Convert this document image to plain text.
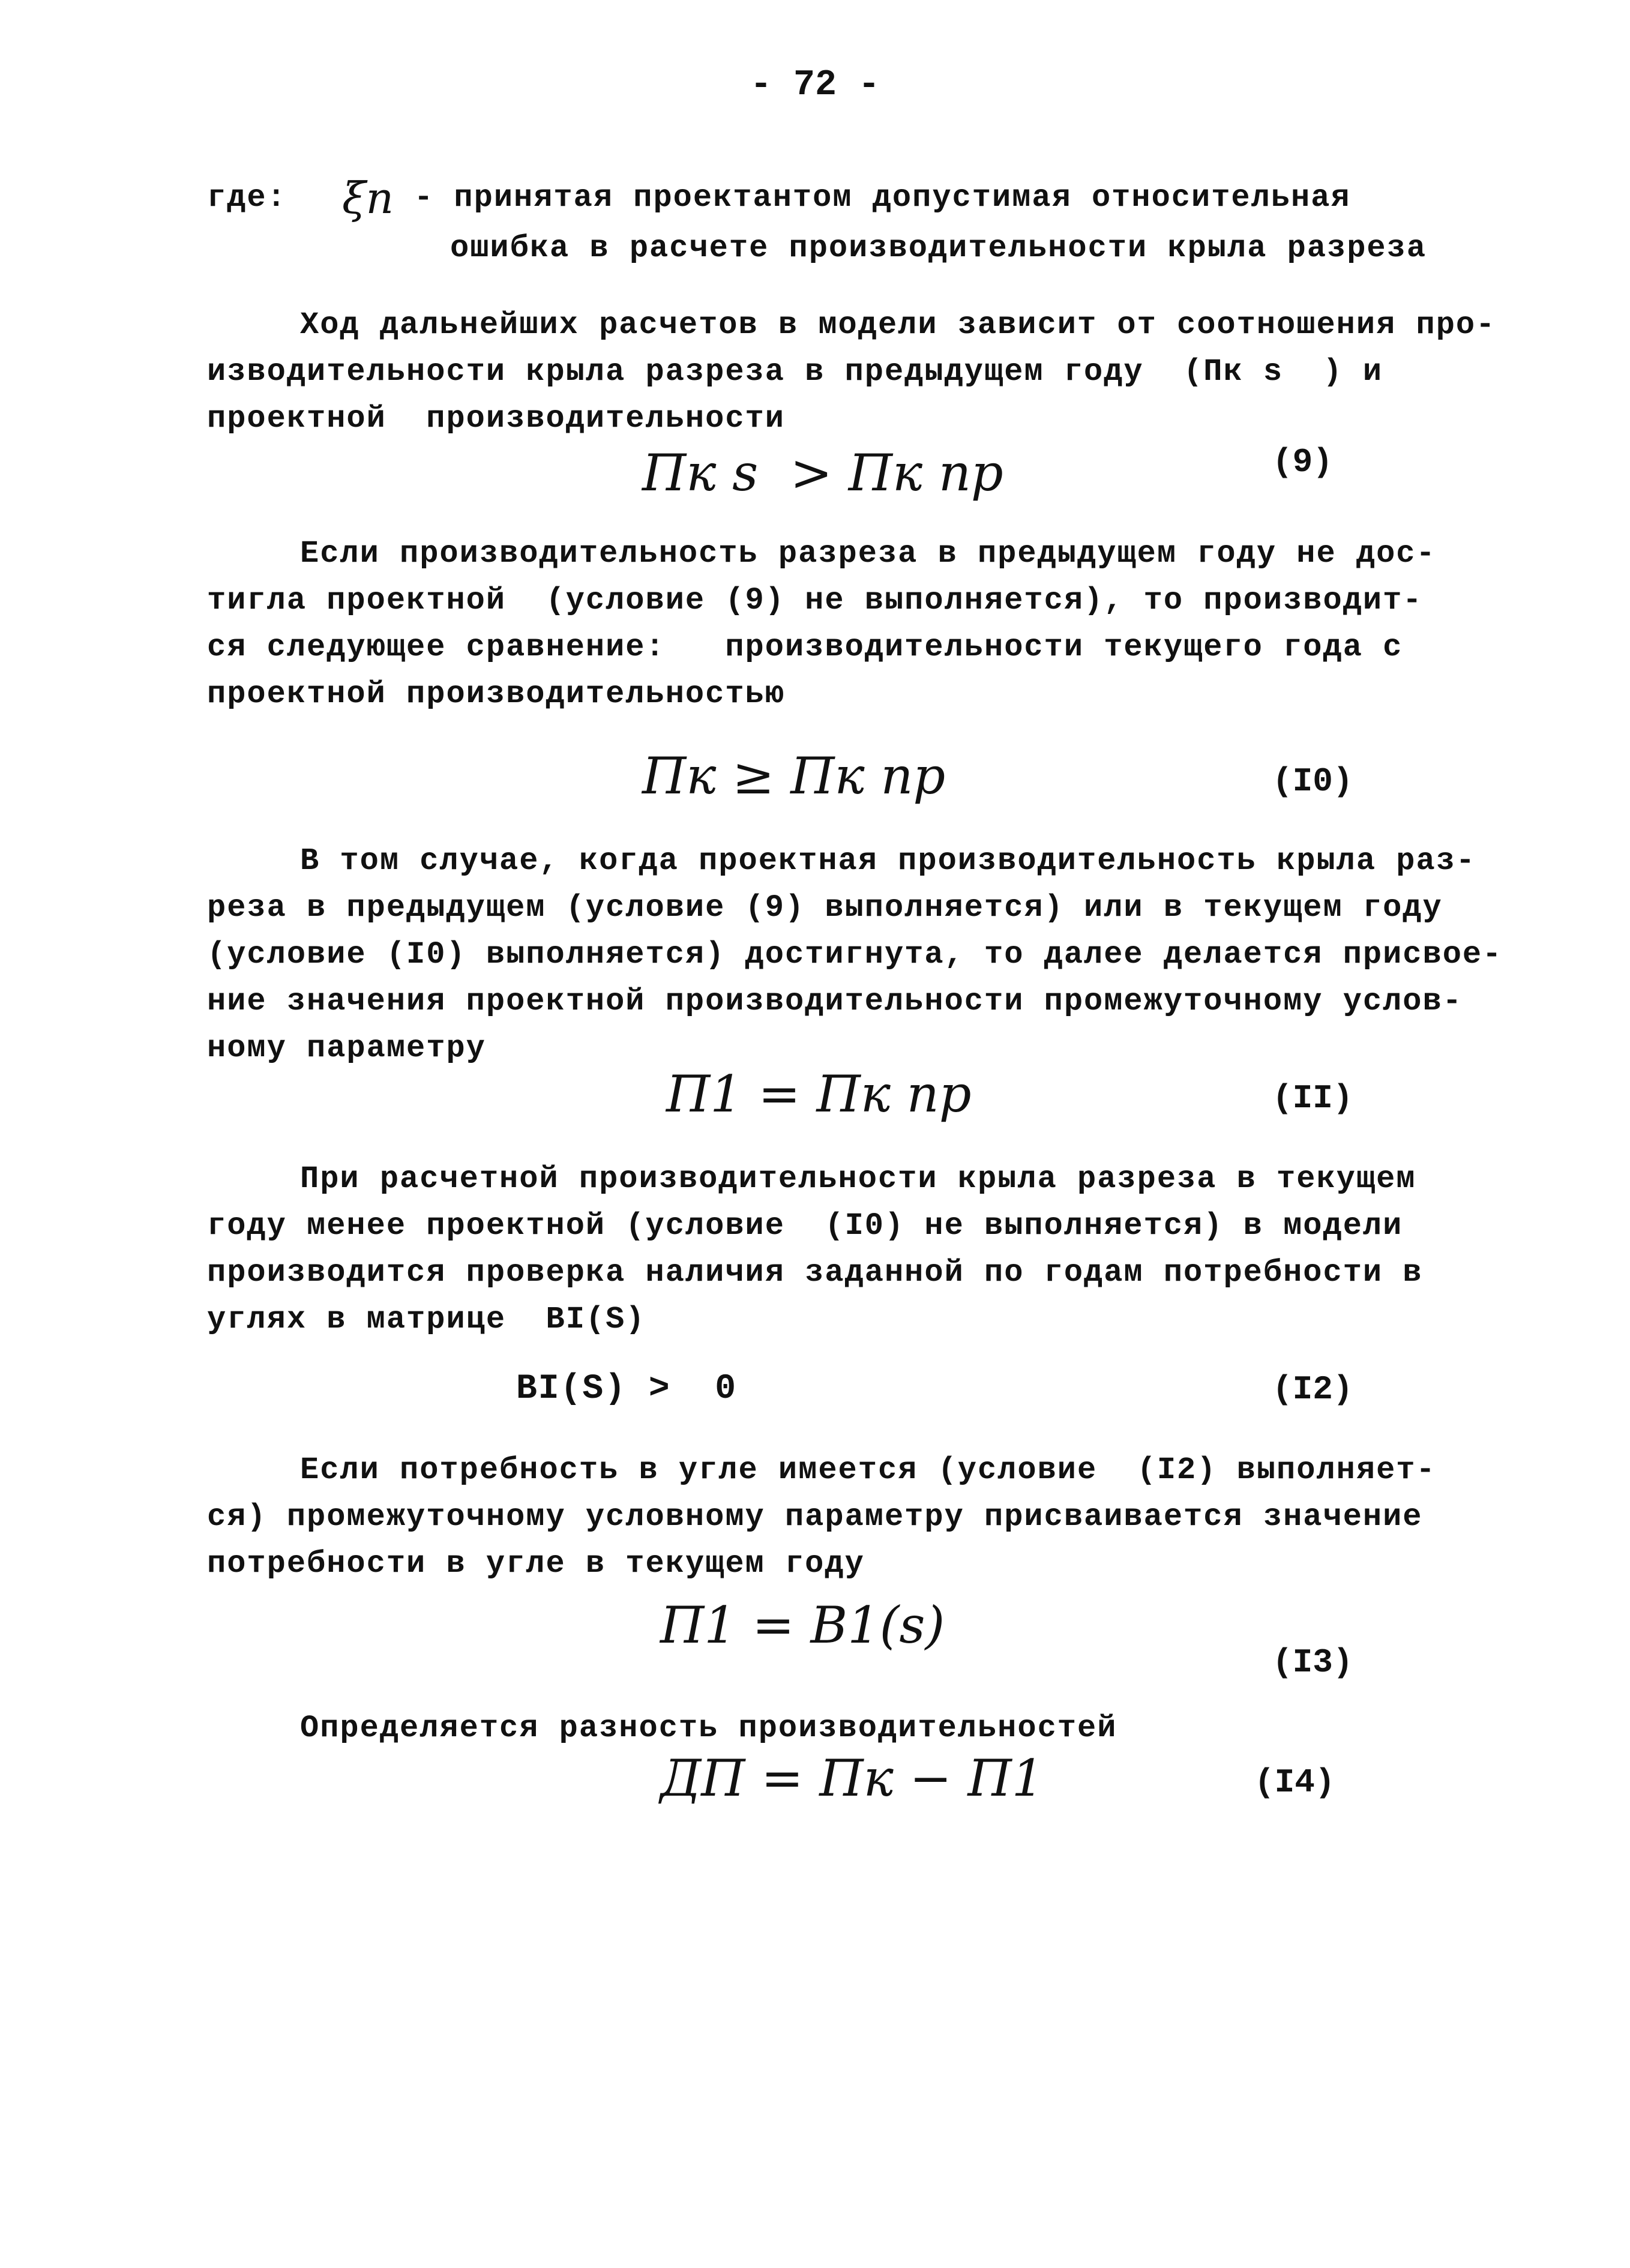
- 72 -
где: ξп - принятая проектантом допустимая относительная
ошибка в расчете производительности крыла разреза
Ход дальнейших расчетов в модели зависит от соотношения про-
изводительности крыла разреза в предыдущем году  (Пк s  ) и
проектной  производительности
Пк s  > Пк пр	(9)
Если производительность разреза в предыдущем году не дос-
тигла проектной  (условие (9) не выполняется), то производит-
ся следующее сравнение:   производительности текущего года с
проектной производительностью
Пк ≥ Пк пр	(I0)
В том случае, когда проектная производительность крыла раз-
реза в предыдущем (условие (9) выполняется) или в текущем году
(условие (I0) выполняется) достигнута, то далее делается присвое-
ние значения проектной производительности промежуточному услов-
ному параметру
П1 = Пк пр	(II)
При расчетной производительности крыла разреза в текущем
году менее проектной (условие  (I0) не выполняется) в модели
производится проверка наличия заданной по годам потребности в
углях в матрице  BI(S)
BI(S) >  0	(I2)
Если потребность в угле имеется (условие  (I2) выполняет-
ся) промежуточному условному параметру присваивается значение
потребности в угле в текущем году
П1 = B1(s)
(I3)
Определяется разность производительностей
ДП = Пк − П1	(I4)
